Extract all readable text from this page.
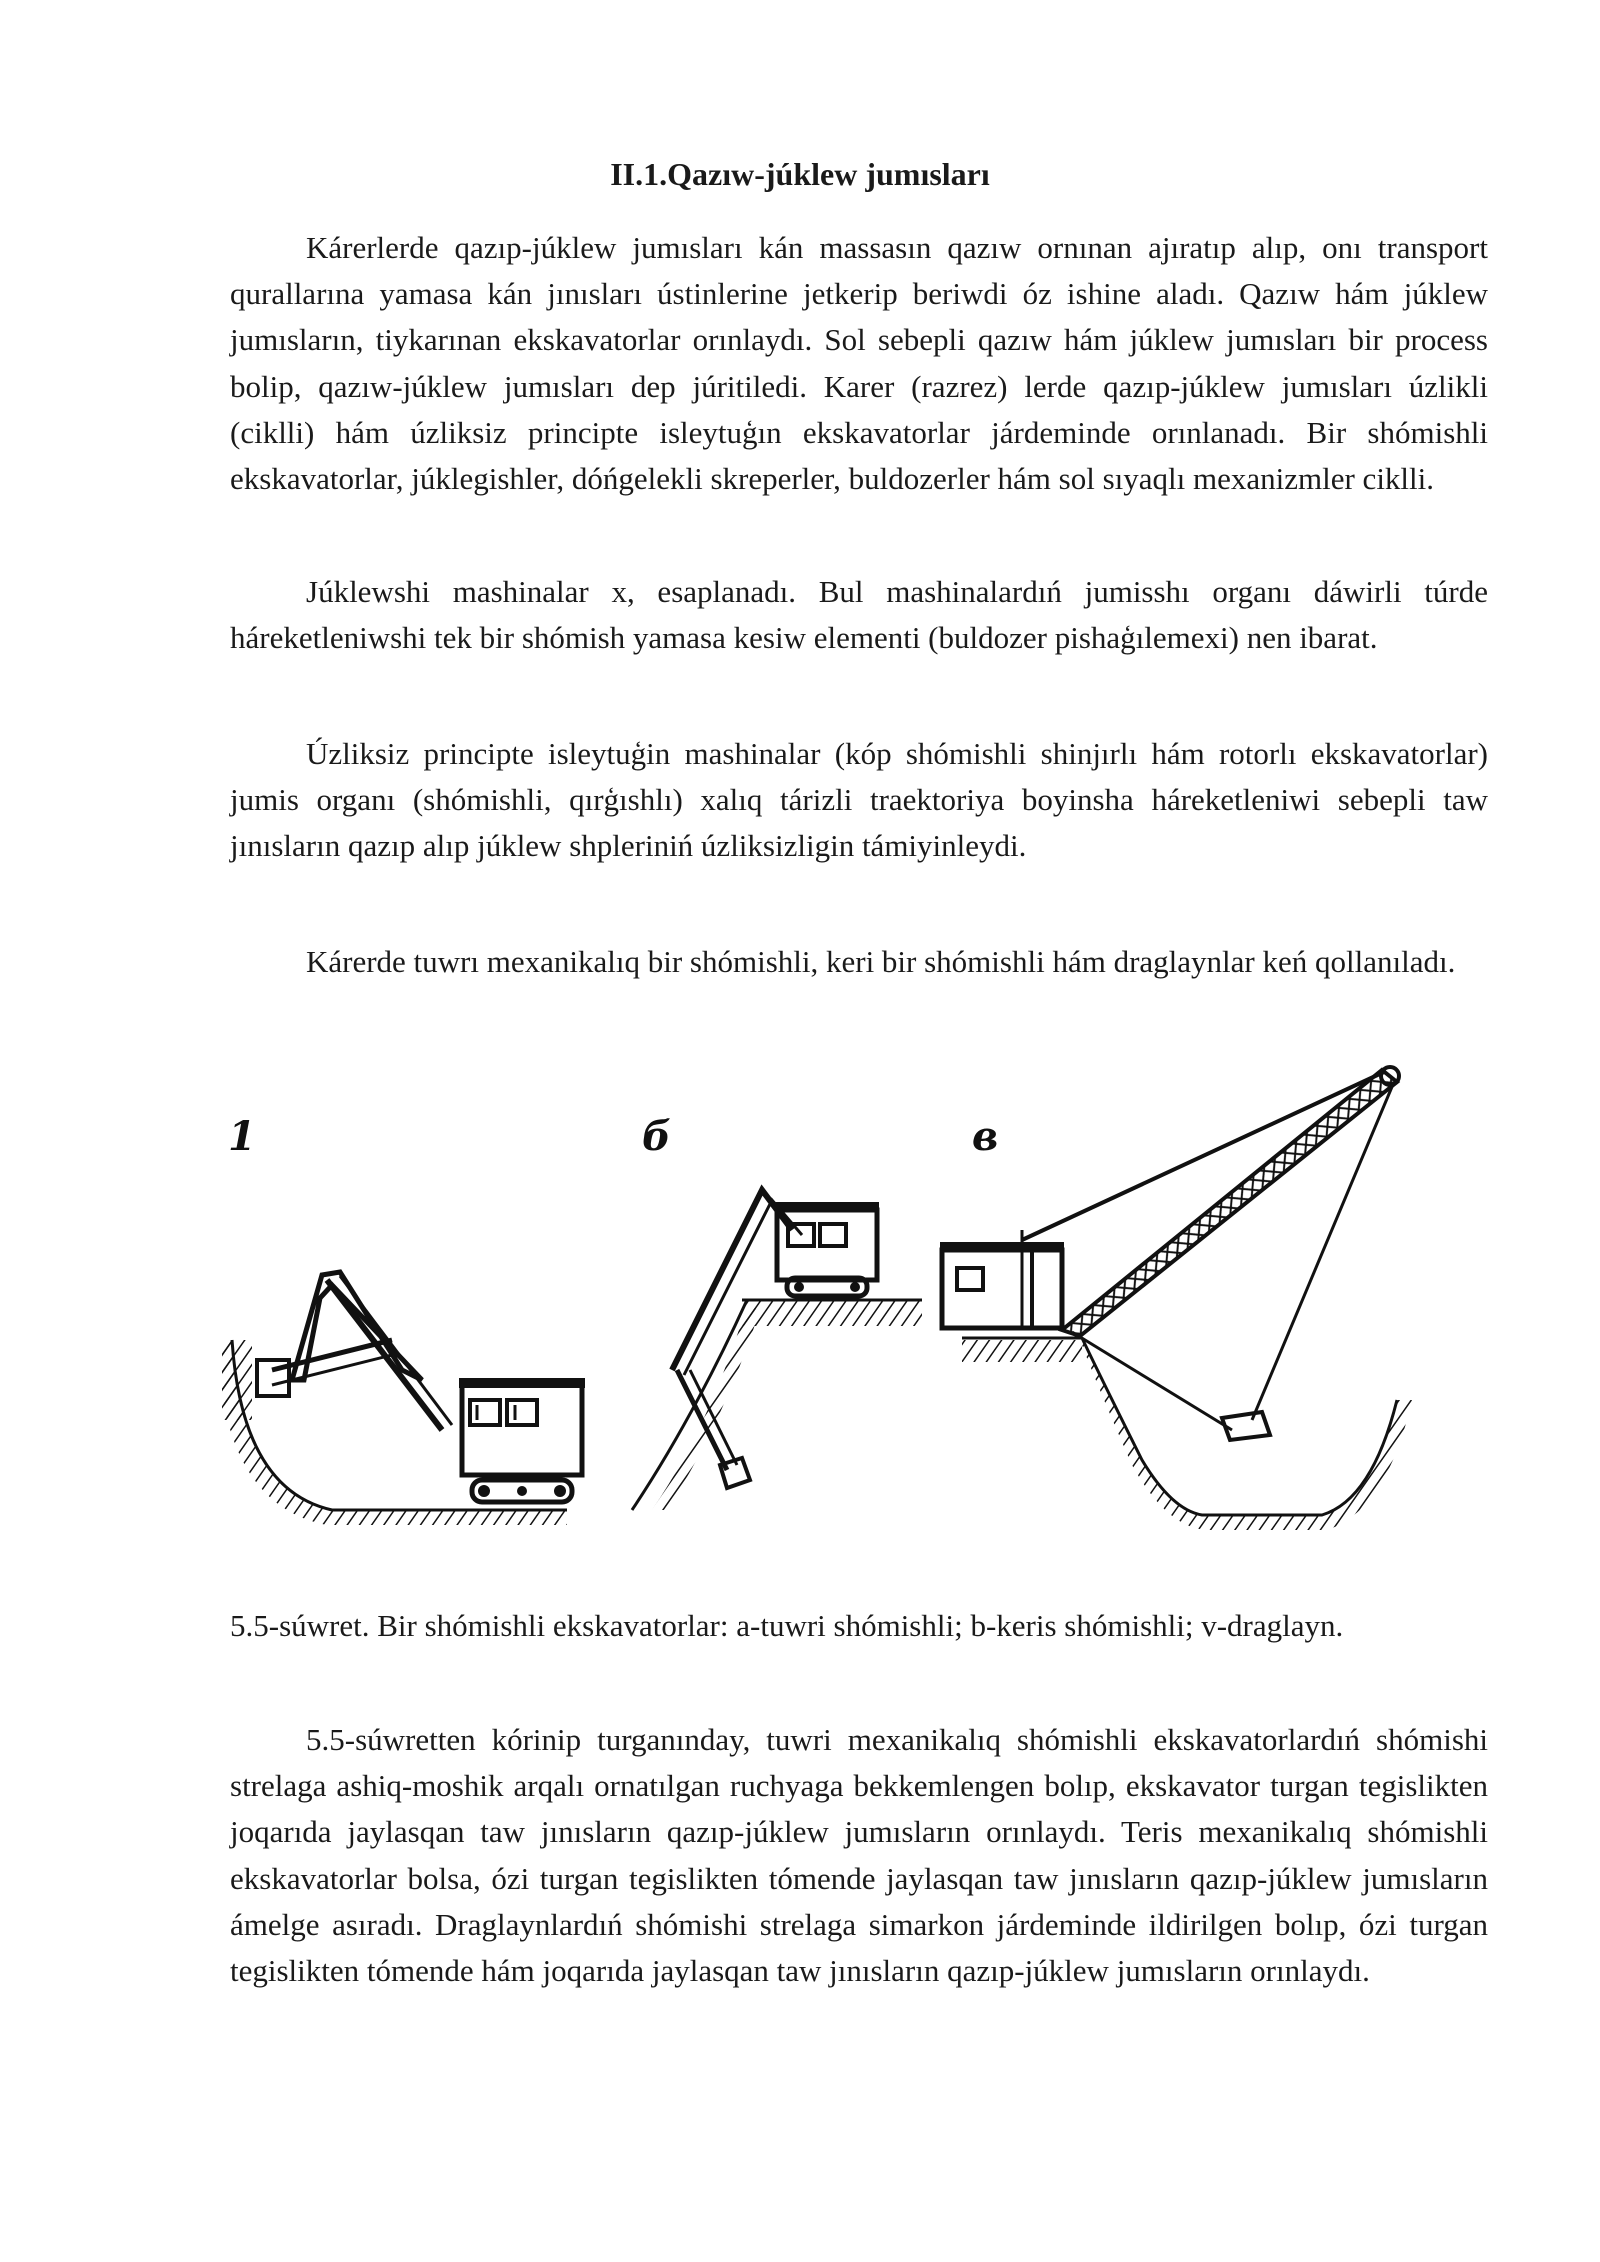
II.1.Qazıw-júklew jumısları

Kárerlerde qazıp-júklew jumısları kán massasın qazıw ornınan ajıratıp alıp, onı transport qurallarına yamasa kán jınısları ústinlerine jetkerip beriwdi óz ishine aladı. Qazıw hám júklew jumısların, tiykarınan ekskavatorlar orınlaydı. Sol sebepli qazıw hám júklew jumısları bir process bolip, qazıw-júklew jumısları dep júritiledi. Karer (razrez) lerde qazıp-júklew jumısları úzlikli (ciklli) hám úzliksiz principte isleytuģın ekskavatorlar járdeminde orınlanadı. Bir shómishli ekskavatorlar, júklegishler, dóńgelekli skreperler, buldozerler hám sol sıyaqlı mexanizmler ciklli.

Júklewshi mashinalar x, esaplanadı. Bul mashinalardıń jumisshı organı dáwirli túrde háreketleniwshi tek bir shómish yamasa kesiw elementi (buldozer pishaģılemexi) nen ibarat.

Úzliksiz principte isleytuģin mashinalar (kóp shómishli shinjırlı hám rotorlı ekskavatorlar) jumis organı (shómishli, qırģıshlı) xalıq tárizli traektoriya boyinsha háreketleniwi sebepli taw jınısların qazıp alıp júklew shpleriniń úzliksizligin támiyinleydi.

Kárerde tuwrı mexanikalıq bir shómishli, keri bir shómishli hám draglaynlar keń qollanıladı.

1	б	в

5.5-súwret. Bir shómishli ekskavatorlar: a-tuwri shómishli; b-keris shómishli; v-draglayn.

5.5-súwretten kórinip turganınday, tuwri mexanikalıq shómishli ekskavatorlardıń shómishi strelaga ashiq-moshik arqalı ornatılgan ruchyaga bekkemlengen bolıp, ekskavator turgan tegislikten joqarıda jaylasqan taw jınısların qazıp-júklew jumısların orınlaydı. Teris mexanikalıq shómishli ekskavatorlar bolsa, ózi turgan tegislikten tómende jaylasqan taw jınısların qazıp-júklew jumısların ámelge asıradı. Draglaynlardıń shómishi strelaga simarkon járdeminde ildirilgen bolıp, ózi turgan tegislikten tómende hám joqarıda jaylasqan taw jınısların qazıp-júklew jumısların orınlaydı.
